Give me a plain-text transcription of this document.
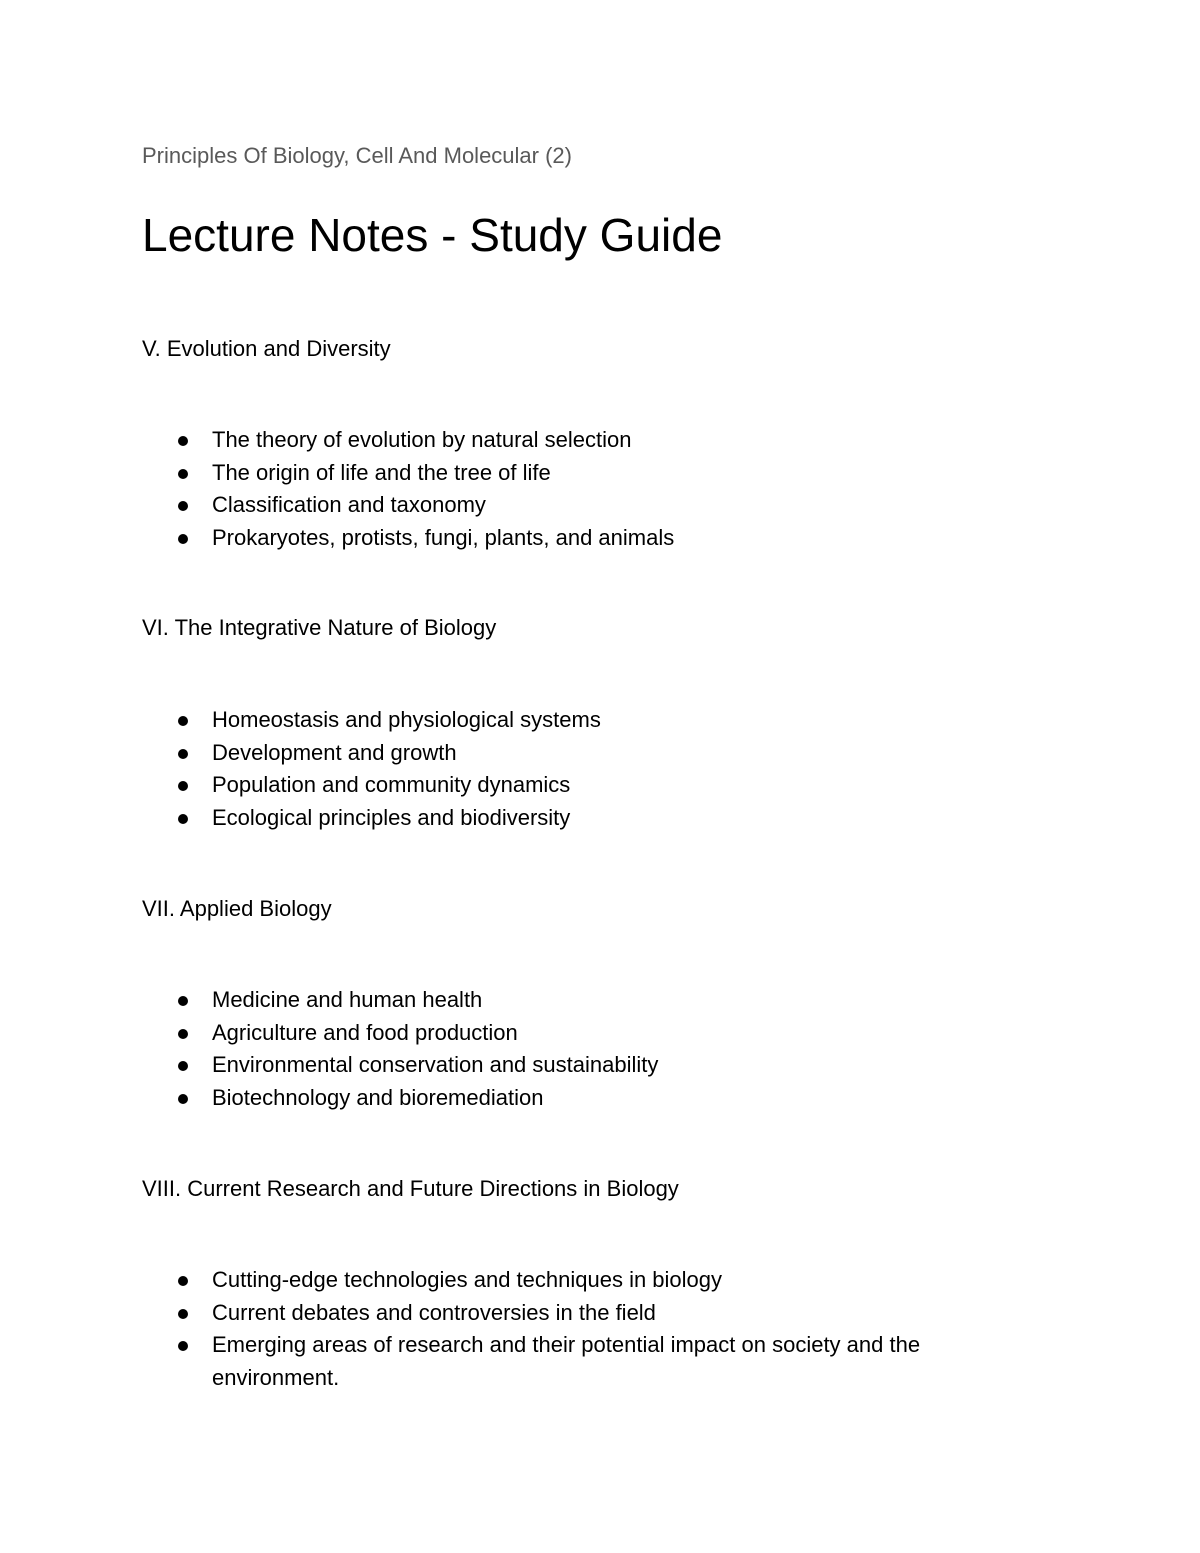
Principles Of Biology, Cell And Molecular (2)
Lecture Notes - Study Guide
V. Evolution and Diversity
The theory of evolution by natural selection
The origin of life and the tree of life
Classification and taxonomy
Prokaryotes, protists, fungi, plants, and animals
VI. The Integrative Nature of Biology
Homeostasis and physiological systems
Development and growth
Population and community dynamics
Ecological principles and biodiversity
VII. Applied Biology
Medicine and human health
Agriculture and food production
Environmental conservation and sustainability
Biotechnology and bioremediation
VIII. Current Research and Future Directions in Biology
Cutting-edge technologies and techniques in biology
Current debates and controversies in the field
Emerging areas of research and their potential impact on society and the environment.
